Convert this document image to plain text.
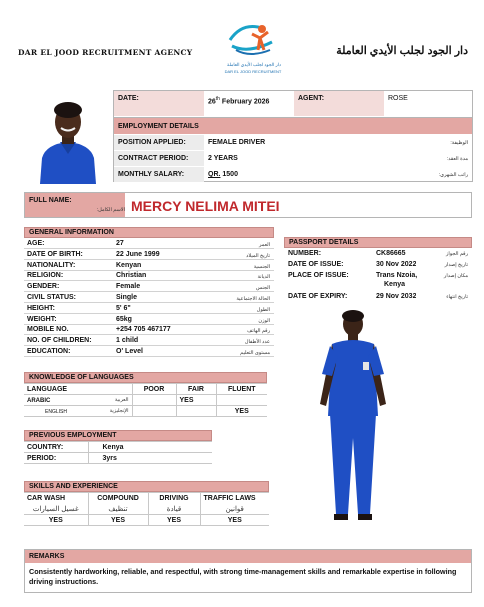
DAR EL JOOD RECRUITMENT AGENCY
دار الجود لجلب الأيدي العاملة
DAR EL JOOD RECRUITMENT
دار الجود لجلب الأيدي العاملة
DATE:	26th February 2026	AGENT:	ROSE
EMPLOYMENT DETAILS
POSITION APPLIED:	FEMALE DRIVER	الوظيفة:
CONTRACT PERIOD:	2 YEARS	مدة العقد:
MONTHLY SALARY:	QR. 1500	راتب الشهري:
FULL NAME:
الاسم الكامل: MERCY NELIMA MITEI
GENERAL INFORMATION
AGE:	27	العمر
DATE OF BIRTH:	22 June 1999	تاريخ الميلاد
NATIONALITY:	Kenyan	الجنسية
RELIGION:	Christian	الديانة
GENDER:	Female	الجنس
CIVIL STATUS:	Single	الحالة الاجتماعية
HEIGHT:	5' 6"	الطول
WEIGHT:	65kg	الوزن
MOBILE NO.	+254 705 467177	رقم الهاتف
NO. OF CHILDREN:	1 child	عدد الأطفال
EDUCATION:	O' Level	مستوى التعليم
PASSPORT DETAILS
NUMBER:	CK86665	رقم الجواز
DATE OF ISSUE:	30 Nov 2022	تاريخ إصدار
PLACE OF ISSUE:	Trans Nzoia,
Kenya
مكان إصدار
DATE OF EXPIRY:	29 Nov 2032	تاريخ انتهاء
KNOWLEDGE OF LANGUAGES
LANGUAGE	POOR	FAIR	FLUENT
ARABIC العربية		YES	
ENGLISH الإنجليزية			YES
PREVIOUS EMPLOYMENT
COUNTRY:	Kenya
PERIOD:	3yrs
SKILLS AND EXPERIENCE
CAR WASH	COMPOUND	DRIVING	TRAFFIC LAWS
غسيل السيارات	تنظيف	قيادة	قوانين
YES	YES	YES	YES
REMARKS
Consistently hardworking, reliable, and respectful, with strong time-management skills and remarkable expertise in following driving instructions.
